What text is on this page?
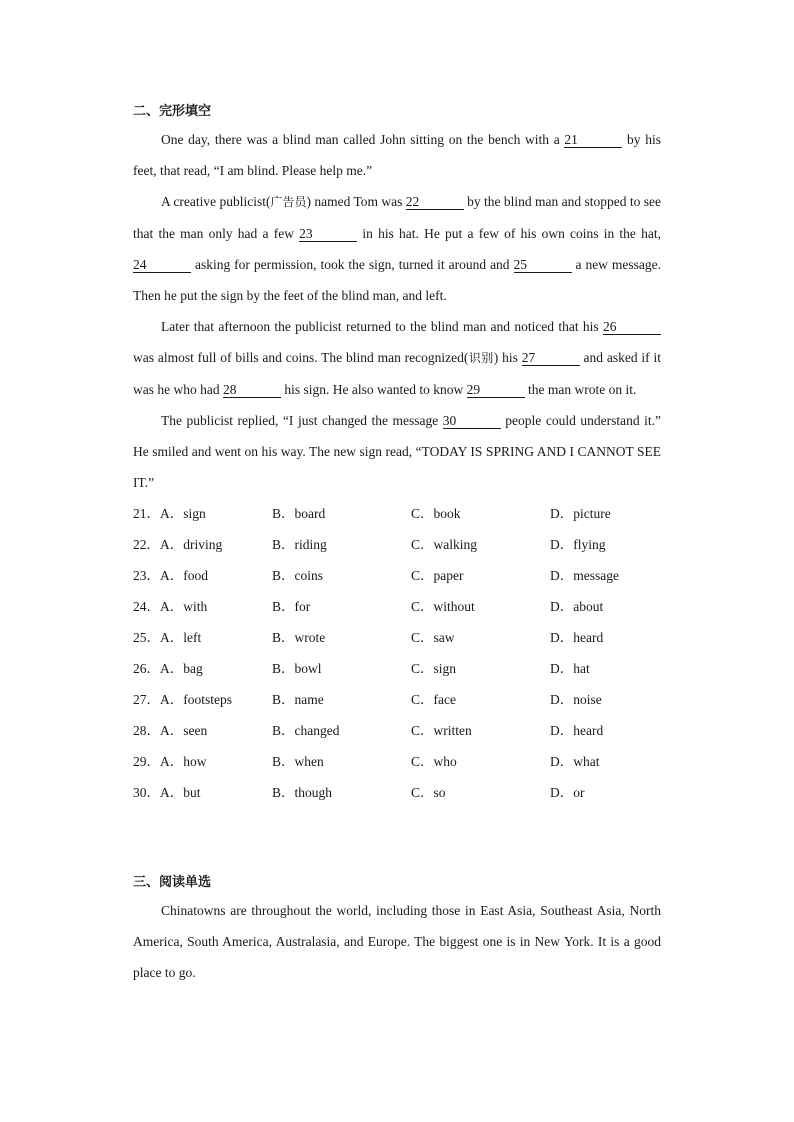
二、完形填空

One day, there was a blind man called John sitting on the bench with a 21	by his feet, that read, “I am blind. Please help me.”

A creative publicist(广告员) named Tom was 22	by the blind man and stopped to see that the man only had a few 23	in his hat. He put a few of his own coins in the hat, 24	asking for permission, took the sign, turned it around and 25	a new message. Then he put the sign by the feet of the blind man, and left.

Later that afternoon the publicist returned to the blind man and noticed that his 26 was almost full of bills and coins. The blind man recognized(识别) his 27	and asked if it was he who had 28	his sign. He also wanted to know 29	the man wrote on it.

The publicist replied, “I just changed the message 30	people could understand it.” He smiled and went on his way. The new sign read, “TODAY IS SPRING AND I CANNOT SEE IT.”

21．A．sign	B．board	C．book	D．picture
22．A．driving	B．riding	C．walking	D．flying
23．A．food	B．coins	C．paper	D．message
24．A．with	B．for	C．without	D．about
25．A．left	B．wrote	C．saw	D．heard
26．A．bag	B．bowl	C．sign	D．hat
27．A．footsteps	B．name	C．face	D．noise
28．A．seen	B．changed	C．written	D．heard
29．A．how	B．when	C．who	D．what
30．A．but	B．though	C．so	D．or
三、阅读单选

Chinatowns are throughout the world, including those in East Asia, Southeast Asia, North America, South America, Australasia, and Europe. The biggest one is in New York. It is a good place to go.
